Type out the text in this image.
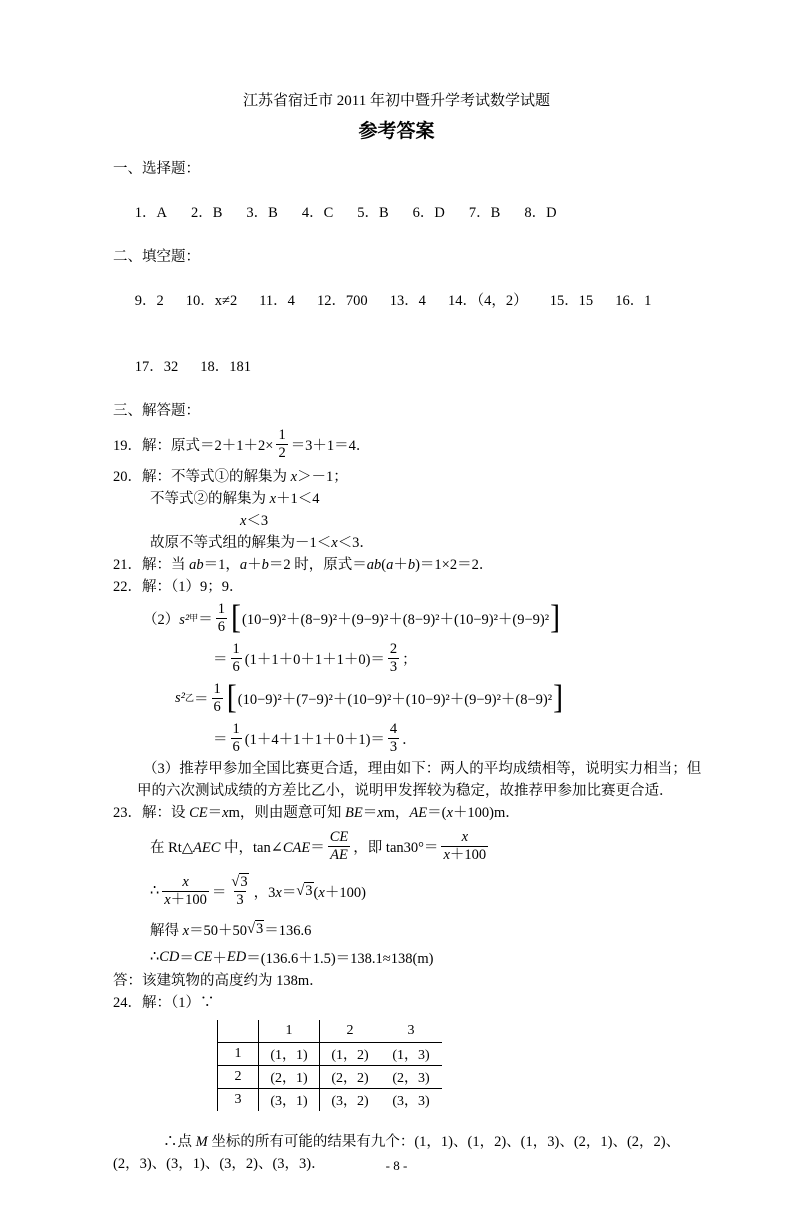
江苏省宿迁市 2011 年初中暨升学考试数学试题
参考答案
一、选择题：

1．A 2．B 3．B 4．C 5．B 6．D 7．B 8．D

二、填空题：

9．2 10．x≠2 11．4 12．700 13．4 14．（4，2） 15．15 16．1

17．32 18．181

三、解答题：
19．解：原式$=2+1+2\times \frac{1}{2} =3+1=4$．
20．解：不等式①的解集为 x＞－1；
不等式②的解集为 x＋1＜4
x＜3
故原不等式组的解集为－1＜x＜3．
21．解：当 ab＝1，a＋b＝2 时，原式＝ab(a＋b)＝1×2＝2．
22．解：（1）9；9．
（2）s² 甲 ＝ $\frac{1}{6}$ [ (10−9)²＋(8−9)²＋(9−9)²＋(8−9)²＋(10−9)²＋(9−9)² ]
＝ $\frac{1}{6} (1+1+0+1+1+0)= \frac{2}{3}$ ；
s² 乙 ＝ $\frac{1}{6}$ [ (10−9)²＋(7−9)²＋(10−9)²＋(10−9)²＋(9−9)²＋(8−9)² ]
＝ $\frac{1}{6} (1+4+1+1+0+1)= \frac{4}{3}$ ．
（3）推荐甲参加全国比赛更合适，理由如下：两人的平均成绩相等，说明实力相当；但
甲的六次测试成绩的方差比乙小，说明甲发挥较为稳定，故推荐甲参加比赛更合适．
23．解：设 CE＝xm，则由题意可知 BE＝xm，AE＝(x＋100)m．
在 Rt△AEC 中，tan∠CAE＝ $\frac{CE}{AE}$ ，即 $\tan 30^\circ= \frac{x}{x+100}$
∴ $\frac{x}{x+100} = \frac{√3}{3}$ ，3x＝ √3 (x＋100)
解得 x＝50＋50 √3 ＝136.6
∴ CD ＝ CE ＋ ED ＝(136.6＋1.5)＝138.1≈138(m)
答：该建筑物的高度约为 138m．
24．解：（1）∵
	1	2	3
1	(1，1)	(1，2)	(1，3)
2	(2，1)	(2，2)	(2，3)
3	(3，1)	(3，2)	(3，3)
∴点 M 坐标的所有可能的结果有九个：(1，1)、(1，2)、(1，3)、(2，1)、(2，2)、
(2，3)、(3，1)、(3，2)、(3，3)．	- 8 -
